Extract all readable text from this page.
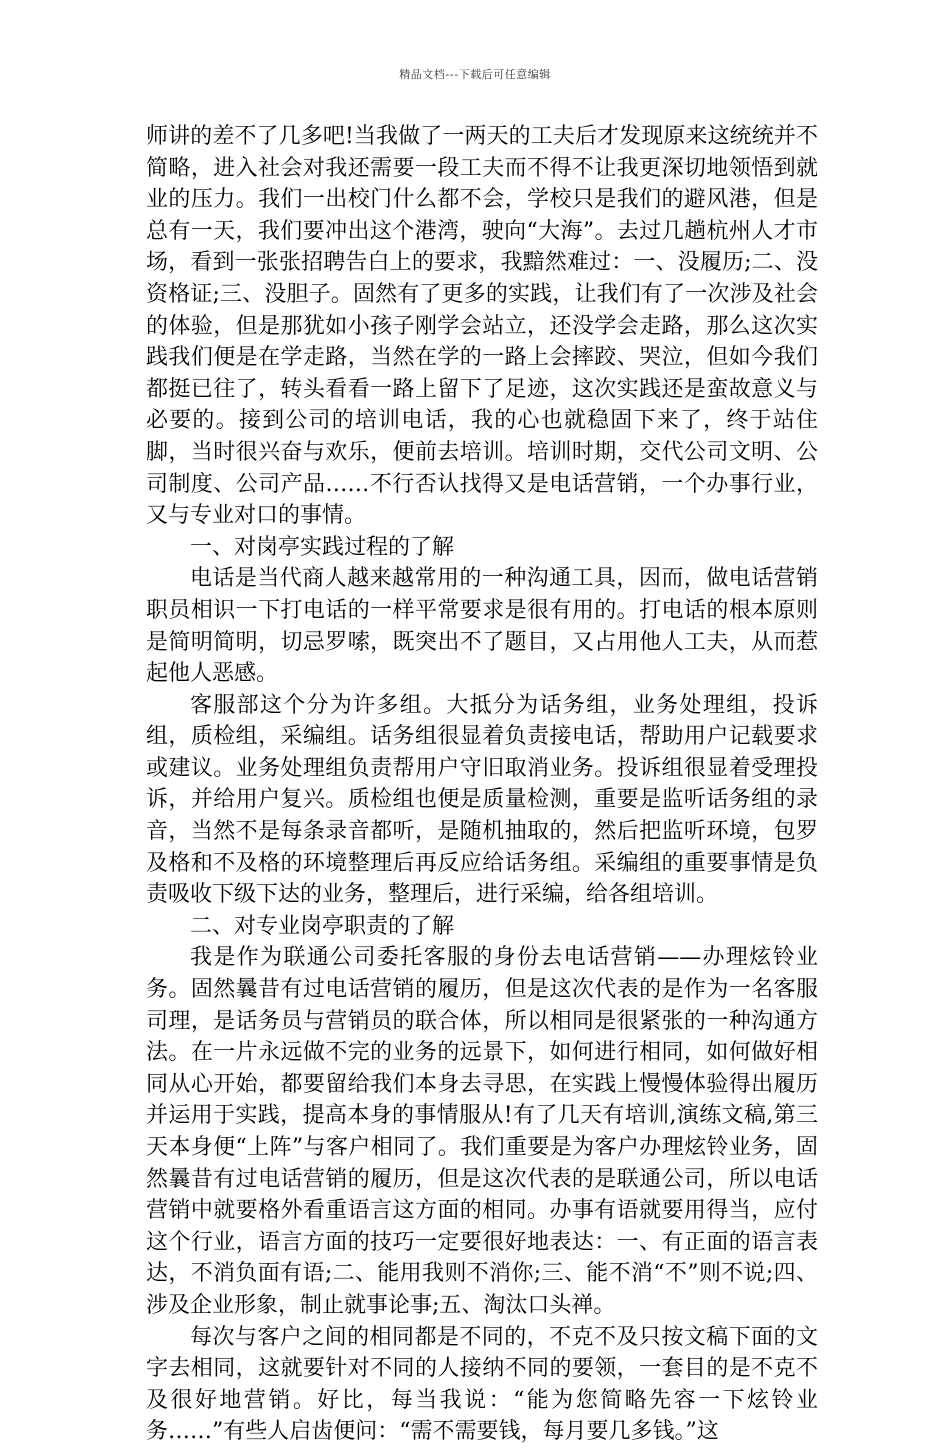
精品文档---下载后可任意编辑

师讲的差不了几多吧!当我做了一两天的工夫后才发现原来这统统并不简略，进入社会对我还需要一段工夫而不得不让我更深切地领悟到就业的压力。我们一出校门什么都不会，学校只是我们的避风港，但是总有一天，我们要冲出这个港湾，驶向“大海”。去过几趟杭州人才市场，看到一张张招聘告白上的要求，我黯然难过：一、没履历;二、没资格证;三、没胆子。固然有了更多的实践，让我们有了一次涉及社会的体验，但是那犹如小孩子刚学会站立，还没学会走路，那么这次实践我们便是在学走路，当然在学的一路上会摔跤、哭泣，但如今我们都挺已往了，转头看看一路上留下了足迹，这次实践还是蛮故意义与必要的。接到公司的培训电话，我的心也就稳固下来了，终于站住脚，当时很兴奋与欢乐，便前去培训。培训时期，交代公司文明、公司制度、公司产品……不行否认找得又是电话营销，一个办事行业，又与专业对口的事情。

一、对岗亭实践过程的了解

电话是当代商人越来越常用的一种沟通工具，因而，做电话营销职员相识一下打电话的一样平常要求是很有用的。打电话的根本原则是简明简明，切忌罗嗦，既突出不了题目，又占用他人工夫，从而惹起他人恶感。

客服部这个分为许多组。大抵分为话务组，业务处理组，投诉组，质检组，采编组。话务组很显着负责接电话，帮助用户记载要求或建议。业务处理组负责帮用户守旧取消业务。投诉组很显着受理投诉，并给用户复兴。质检组也便是质量检测，重要是监听话务组的录音，当然不是每条录音都听，是随机抽取的，然后把监听环境，包罗及格和不及格的环境整理后再反应给话务组。采编组的重要事情是负责吸收下级下达的业务，整理后，进行采编，给各组培训。

二、对专业岗亭职责的了解

我是作为联通公司委托客服的身份去电话营销——办理炫铃业务。固然曩昔有过电话营销的履历，但是这次代表的是作为一名客服司理，是话务员与营销员的联合体，所以相同是很紧张的一种沟通方法。在一片永远做不完的业务的远景下，如何进行相同，如何做好相同从心开始，都要留给我们本身去寻思，在实践上慢慢体验得出履历并运用于实践，提高本身的事情服从!有了几天有培训,演练文稿,第三天本身便“上阵”与客户相同了。我们重要是为客户办理炫铃业务，固然曩昔有过电话营销的履历，但是这次代表的是联通公司，所以电话营销中就要格外看重语言这方面的相同。办事有语就要用得当，应付这个行业，语言方面的技巧一定要很好地表达：一、有正面的语言表达，不消负面有语;二、能用我则不消你;三、能不消“不”则不说;四、涉及企业形象，制止就事论事;五、淘汰口头禅。

每次与客户之间的相同都是不同的，不克不及只按文稿下面的文字去相同，这就要针对不同的人接纳不同的要领，一套目的是不克不及很好地营销。好比，每当我说：“能为您简略先容一下炫铃业务……”有些人启齿便问：“需不需要钱，每月要几多钱。”这
